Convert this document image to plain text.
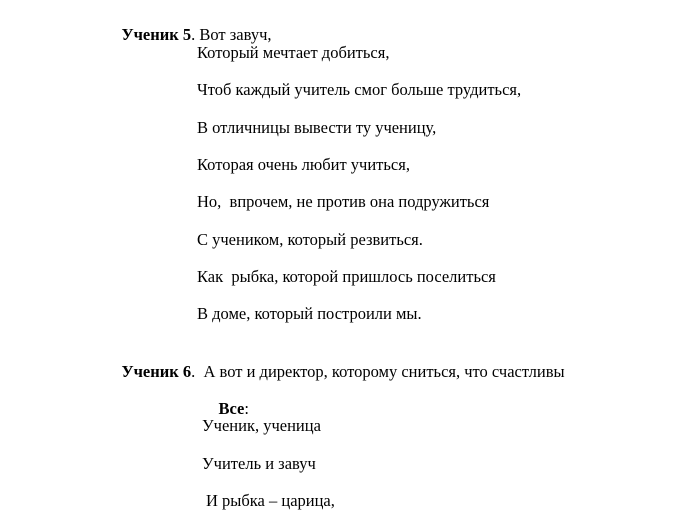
Ученик 5. Вот завуч,

Который мечтает добиться,
Чтоб каждый учитель смог больше трудиться,
В отличницы вывести ту ученицу,
Которая очень любит учиться,
Но,  впрочем, не против она подружиться
С учеником, который резвиться.
Как  рыбка, которой пришлось поселиться
В доме, который построили мы.

Ученик 6.  А вот и директор, которому сниться, что счастливы

Все:

Ученик, ученица
Учитель и завуч
И рыбка – царица,
